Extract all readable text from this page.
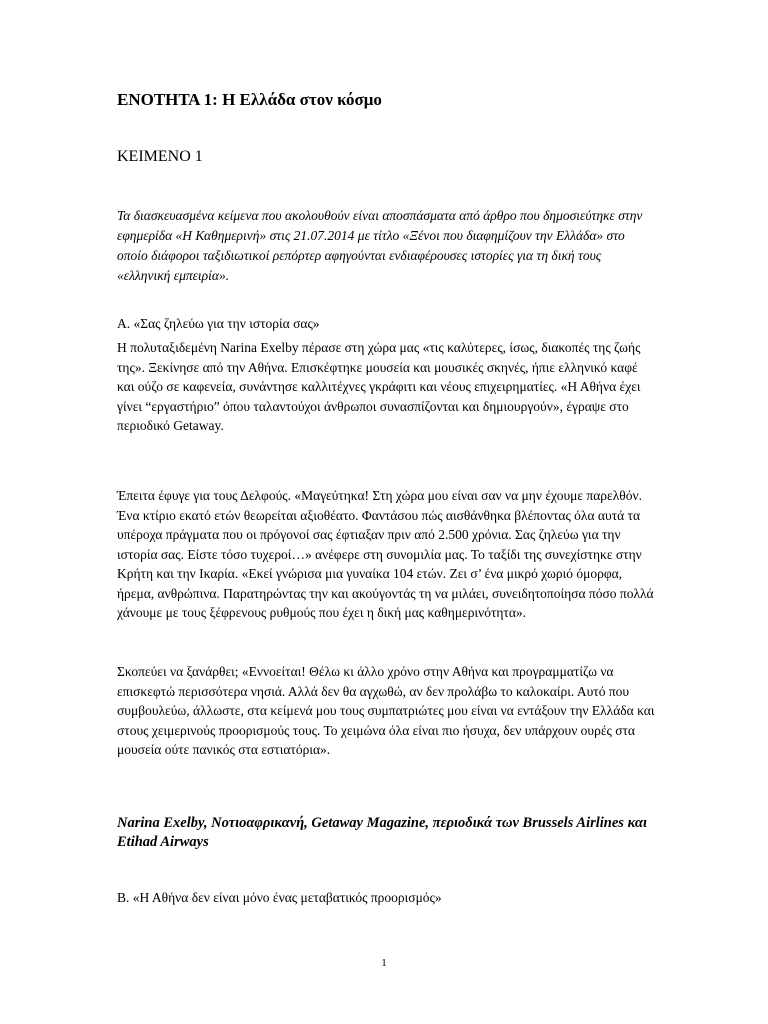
ΕΝΟΤΗΤΑ 1: Η Ελλάδα στον κόσμο
ΚΕΙΜΕΝΟ 1

Τα διασκευασμένα κείμενα που ακολουθούν είναι αποσπάσματα από άρθρο που δημοσιεύτηκε στην εφημερίδα «Η Καθημερινή» στις 21.07.2014 με τίτλο «Ξένοι που διαφημίζουν την Ελλάδα» στο οποίο διάφοροι ταξιδιωτικοί ρεπόρτερ αφηγούνται ενδιαφέρουσες ιστορίες για τη δική τους «ελληνική εμπειρία».

Α. «Σας ζηλεύω για την ιστορία σας»

Η πολυταξιδεμένη Narina Exelby πέρασε στη χώρα μας «τις καλύτερες, ίσως, διακοπές της ζωής της». Ξεκίνησε από την Αθήνα. Επισκέφτηκε μουσεία και μουσικές σκηνές, ήπιε ελληνικό καφέ και ούζο σε καφενεία, συνάντησε καλλιτέχνες γκράφιτι και νέους επιχειρηματίες. «Η Αθήνα έχει γίνει “εργαστήριο” όπου ταλαντούχοι άνθρωποι συνασπίζονται και δημιουργούν», έγραψε στο περιοδικό Getaway.

Έπειτα έφυγε για τους Δελφούς. «Μαγεύτηκα! Στη χώρα μου είναι σαν να μην έχουμε παρελθόν. Ένα κτίριο εκατό ετών θεωρείται αξιοθέατο. Φαντάσου πώς αισθάνθηκα βλέποντας όλα αυτά τα υπέροχα πράγματα που οι πρόγονοί σας έφτιαξαν πριν από 2.500 χρόνια. Σας ζηλεύω για την ιστορία σας. Είστε τόσο τυχεροί…» ανέφερε στη συνομιλία μας. Το ταξίδι της συνεχίστηκε στην Κρήτη και την Ικαρία. «Εκεί γνώρισα μια γυναίκα 104 ετών. Ζει σ’ ένα μικρό χωριό όμορφα, ήρεμα, ανθρώπινα. Παρατηρώντας την και ακούγοντάς τη να μιλάει, συνειδητοποίησα πόσο πολλά χάνουμε με τους ξέφρενους ρυθμούς που έχει η δική μας καθημερινότητα».

Σκοπεύει να ξανάρθει; «Εννοείται! Θέλω κι άλλο χρόνο στην Αθήνα και προγραμματίζω να επισκεφτώ περισσότερα νησιά. Αλλά δεν θα αγχωθώ, αν δεν προλάβω το καλοκαίρι. Αυτό που συμβουλεύω, άλλωστε, στα κείμενά μου τους συμπατριώτες μου είναι να εντάξουν την Ελλάδα και στους χειμερινούς προορισμούς τους. Το χειμώνα όλα είναι πιο ήσυχα, δεν υπάρχουν ουρές στα μουσεία ούτε πανικός στα εστιατόρια».

Narina Exelby, Νοτιοαφρικανή, Getaway Magazine, περιοδικά των Brussels Airlines και Etihad Airways

Β. «Η Αθήνα δεν είναι μόνο ένας μεταβατικός προορισμός»

1
